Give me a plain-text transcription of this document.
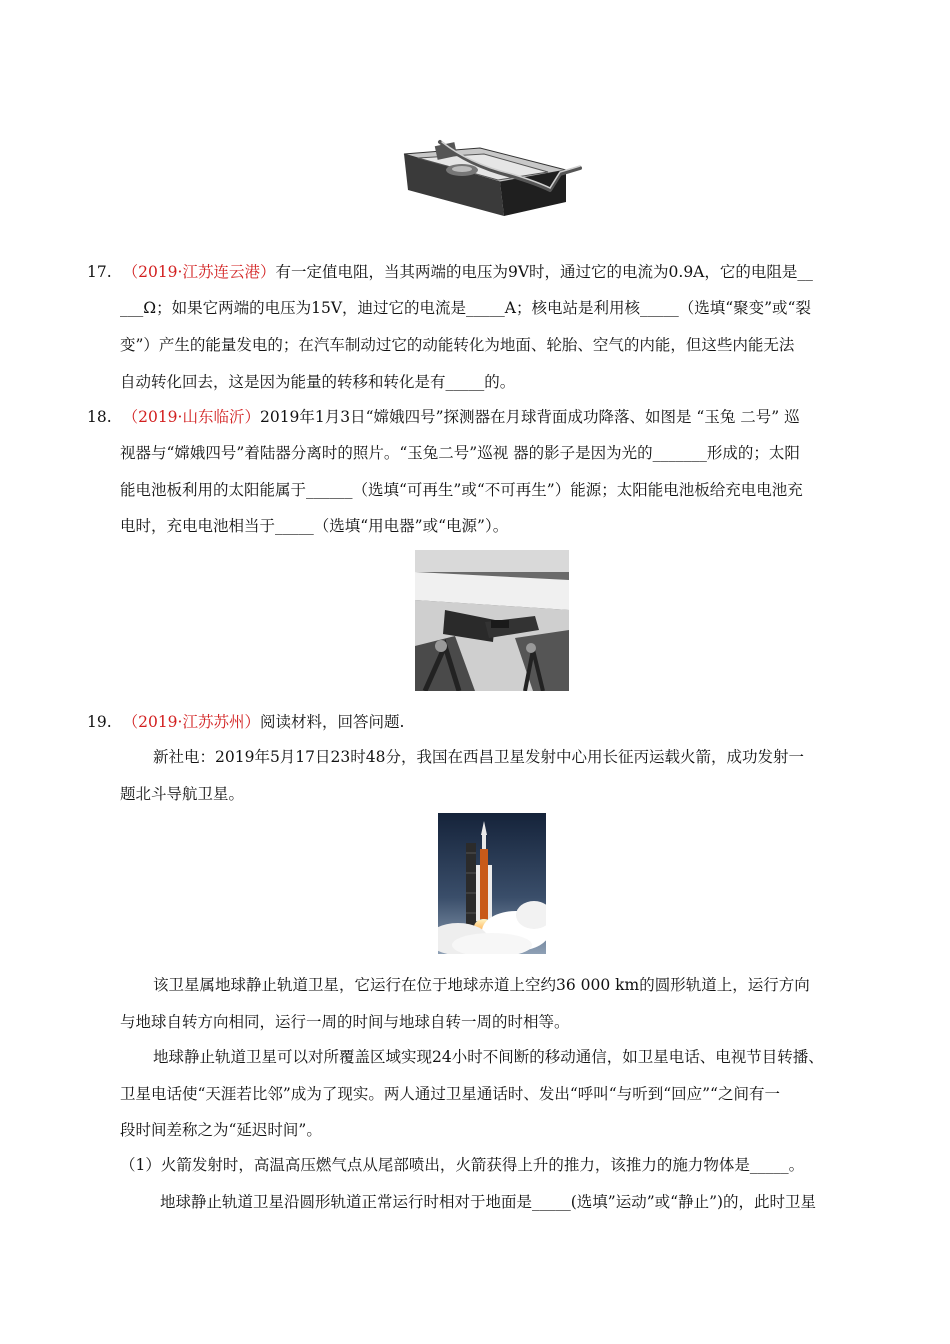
17. （2019·江苏连云港）有一定值电阻，当其两端的电压为9V时，通过它的电流为0.9A，它的电阻是__
___Ω；如果它两端的电压为15V，迪过它的电流是_____A；核电站是利用核_____（选填“聚变”或“裂
变”）产生的能量发电的；在汽车制动过它的动能转化为地面、轮胎、空气的内能，但这些内能无法
自动转化回去，这是因为能量的转移和转化是有_____的。
18. （2019·山东临沂）2019年1月3日“嫦娥四号”探测器在月球背面成功降落、如图是 “玉兔 二号” 巡
视器与“嫦娥四号”着陆器分离时的照片。“玉兔二号”巡视 器的影子是因为光的_______形成的；太阳
能电池板利用的太阳能属于______（选填“可再生”或“不可再生”）能源；太阳能电池板给充电电池充
电时，充电电池相当于_____（选填“用电器”或“电源”）。
19. （2019·江苏苏州）阅读材料，回答问题.
新社电：2019年5月17日23时48分，我国在西昌卫星发射中心用长征丙运载火箭，成功发射一
题北斗导航卫星。
该卫星属地球静止轨道卫星，它运行在位于地球赤道上空约36 000 km的圆形轨道上，运行方向
与地球自转方向相同，运行一周的时间与地球自转一周的时相等。
地球静止轨道卫星可以对所覆盖区域实现24小时不间断的移动通信，如卫星电话、电视节目转播、
卫星电话使“天涯若比邻”成为了现实。两人通过卫星通话时、发出“呼叫“与听到“回应”“之间有一
段时间差称之为“延迟时间”。
（1）火箭发射时，高温高压燃气点从尾部喷出，火箭获得上升的推力，该推力的施力物体是_____。
地球静止轨道卫星沿圆形轨道正常运行时相对于地面是_____(选填”运动”或“静止”)的，此时卫星
